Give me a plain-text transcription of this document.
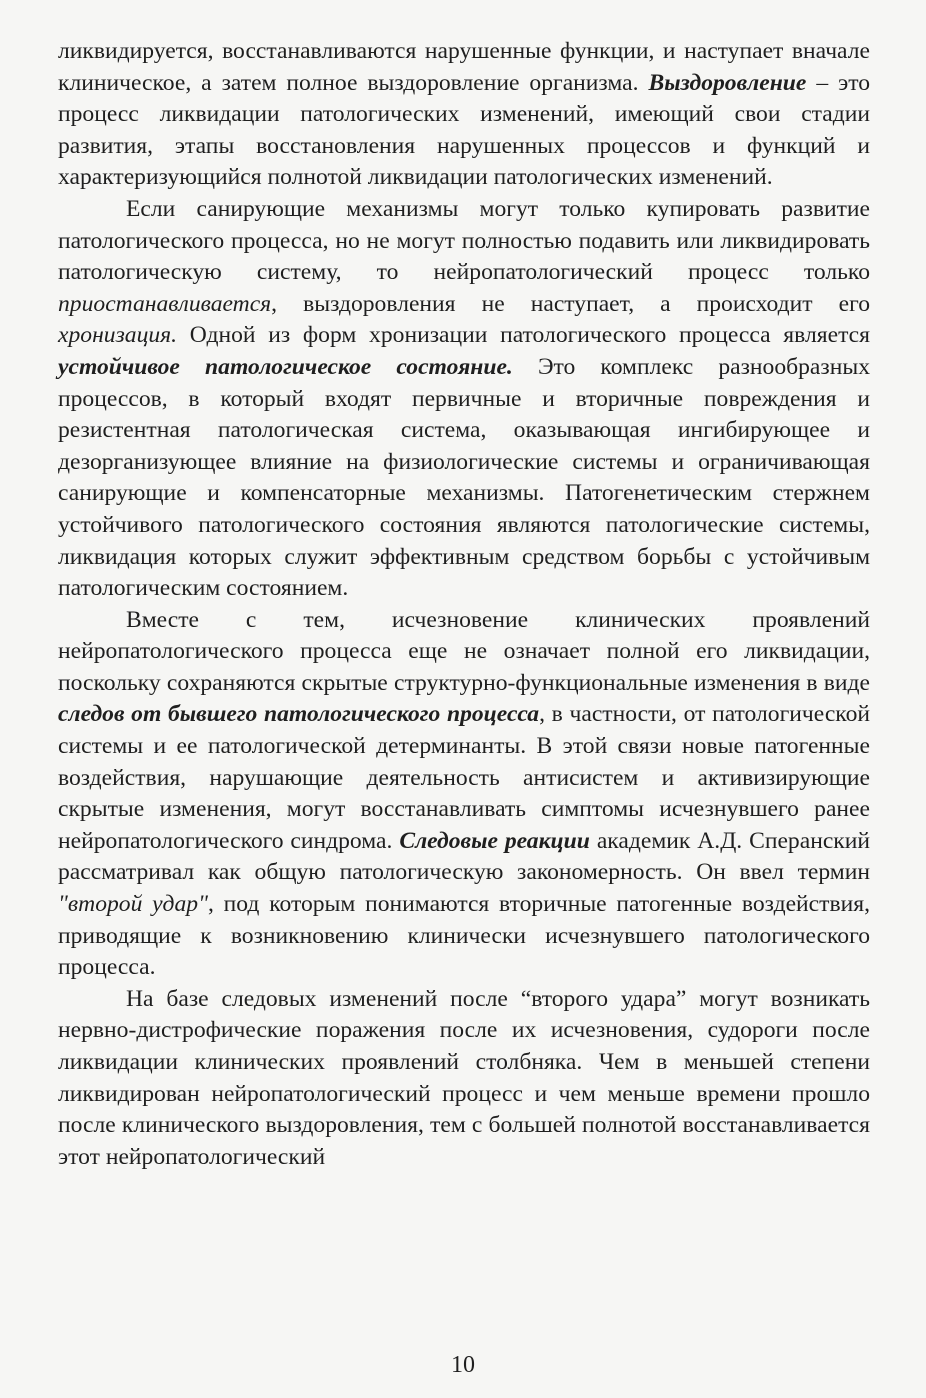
ликвидируется, восстанавливаются нарушенные функции, и наступает вначале клиническое, а затем полное выздоровление организма. Выздоровление – это процесс ликвидации патологических изменений, имеющий свои стадии развития, этапы восстановления нарушенных процессов и функций и характеризующийся полнотой ликвидации патологических изменений.

Если санирующие механизмы могут только купировать развитие патологического процесса, но не могут полностью подавить или ликвидировать патологическую систему, то нейропатологический процесс только приостанавливается, выздоровления не наступает, а происходит его хронизация. Одной из форм хронизации патологического процесса является устойчивое патологическое состояние. Это комплекс разнообразных процессов, в который входят первичные и вторичные повреждения и резистентная патологическая система, оказывающая ингибирующее и дезорганизующее влияние на физиологические системы и ограничивающая санирующие и компенсаторные механизмы. Патогенетическим стержнем устойчивого патологического состояния являются патологические системы, ликвидация которых служит эффективным средством борьбы с устойчивым патологическим состоянием.

Вместе с тем, исчезновение клинических проявлений нейропатологического процесса еще не означает полной его ликвидации, поскольку сохраняются скрытые структурно-функциональные изменения в виде следов от бывшего патологического процесса, в частности, от патологической системы и ее патологической детерминанты. В этой связи новые патогенные воздействия, нарушающие деятельность антисистем и активизирующие скрытые изменения, могут восстанавливать симптомы исчезнувшего ранее нейропатологического синдрома. Следовые реакции академик А.Д. Сперанский рассматривал как общую патологическую закономерность. Он ввел термин "второй удар", под которым понимаются вторичные патогенные воздействия, приводящие к возникновению клинически исчезнувшего патологического процесса.

На базе следовых изменений после “второго удара” могут возникать нервно-дистрофические поражения после их исчезновения, судороги после ликвидации клинических проявлений столбняка. Чем в меньшей степени ликвидирован нейропатологический процесс и чем меньше времени прошло после клинического выздоровления, тем с большей полнотой восстанавливается этот нейропатологический

10
